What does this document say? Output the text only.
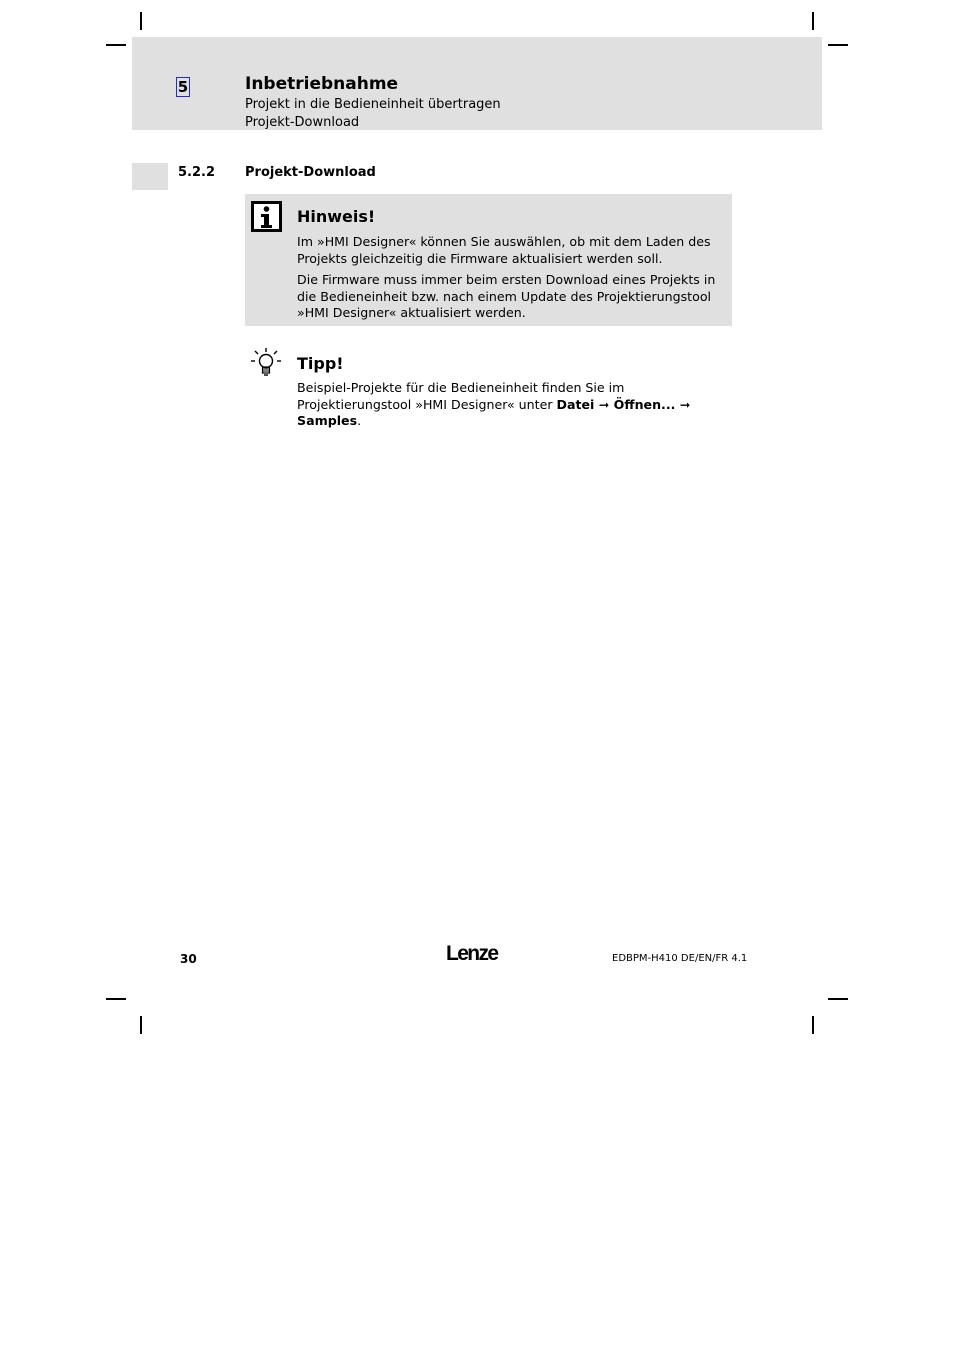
5	Inbetriebnahme
Projekt in die Bedieneinheit übertragen
Projekt-Download
5.2.2 Projekt-Download
Hinweis!
Im »HMI Designer« können Sie auswählen, ob mit dem Laden des Projekts gleichzeitig die Firmware aktualisiert werden soll.
Die Firmware muss immer beim ersten Download eines Projekts in die Bedieneinheit bzw. nach einem Update des Projektierungstool »HMI Designer« aktualisiert werden.
Tipp!
Beispiel-Projekte für die Bedieneinheit finden Sie im Projektierungstool »HMI Designer« unter Datei ➞ Öffnen... ➞ Samples.
30	Lenze	EDBPM-H410 DE/EN/FR 4.1
